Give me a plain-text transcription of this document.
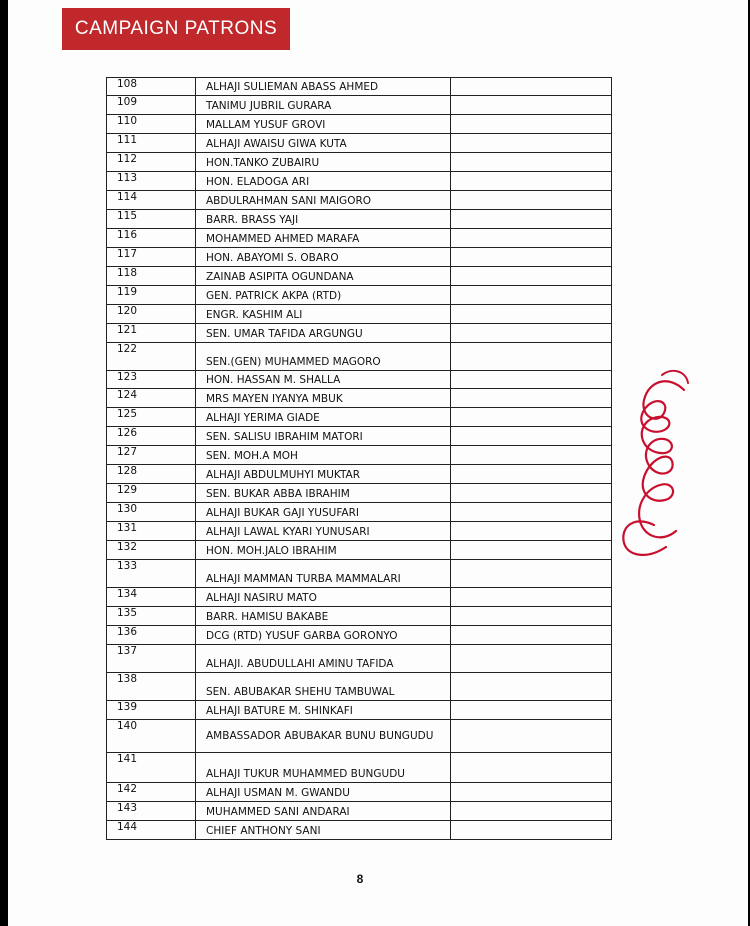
CAMPAIGN PATRONS
108	ALHAJI SULIEMAN ABASS AHMED	
109	TANIMU JUBRIL GURARA	
110	MALLAM YUSUF GROVI	
111	ALHAJI AWAISU GIWA KUTA	
112	HON.TANKO ZUBAIRU	
113	HON. ELADOGA ARI	
114	ABDULRAHMAN SANI MAIGORO	
115	BARR. BRASS YAJI	
116	MOHAMMED AHMED MARAFA	
117	HON. ABAYOMI S. OBARO	
118	ZAINAB ASIPITA OGUNDANA	
119	GEN. PATRICK AKPA (RTD)	
120	ENGR. KASHIM ALI	
121	SEN. UMAR TAFIDA ARGUNGU	
122	SEN.(GEN) MUHAMMED MAGORO	
123	HON. HASSAN M. SHALLA	
124	MRS MAYEN IYANYA MBUK	
125	ALHAJI YERIMA GIADE	
126	SEN. SALISU IBRAHIM MATORI	
127	SEN. MOH.A MOH	
128	ALHAJI ABDULMUHYI MUKTAR	
129	SEN. BUKAR ABBA IBRAHIM	
130	ALHAJI BUKAR GAJI YUSUFARI	
131	ALHAJI LAWAL KYARI YUNUSARI	
132	HON. MOH.JALO IBRAHIM	
133	ALHAJI MAMMAN TURBA MAMMALARI	
134	ALHAJI NASIRU MATO	
135	BARR. HAMISU BAKABE	
136	DCG (RTD) YUSUF GARBA GORONYO	
137	ALHAJI. ABUDULLAHI AMINU TAFIDA	
138	SEN. ABUBAKAR SHEHU TAMBUWAL	
139	ALHAJI BATURE M. SHINKAFI	
140	AMBASSADOR ABUBAKAR BUNU BUNGUDU	
141	ALHAJI TUKUR MUHAMMED BUNGUDU	
142	ALHAJI USMAN M. GWANDU	
143	MUHAMMED SANI ANDARAI	
144	CHIEF ANTHONY SANI	
8
